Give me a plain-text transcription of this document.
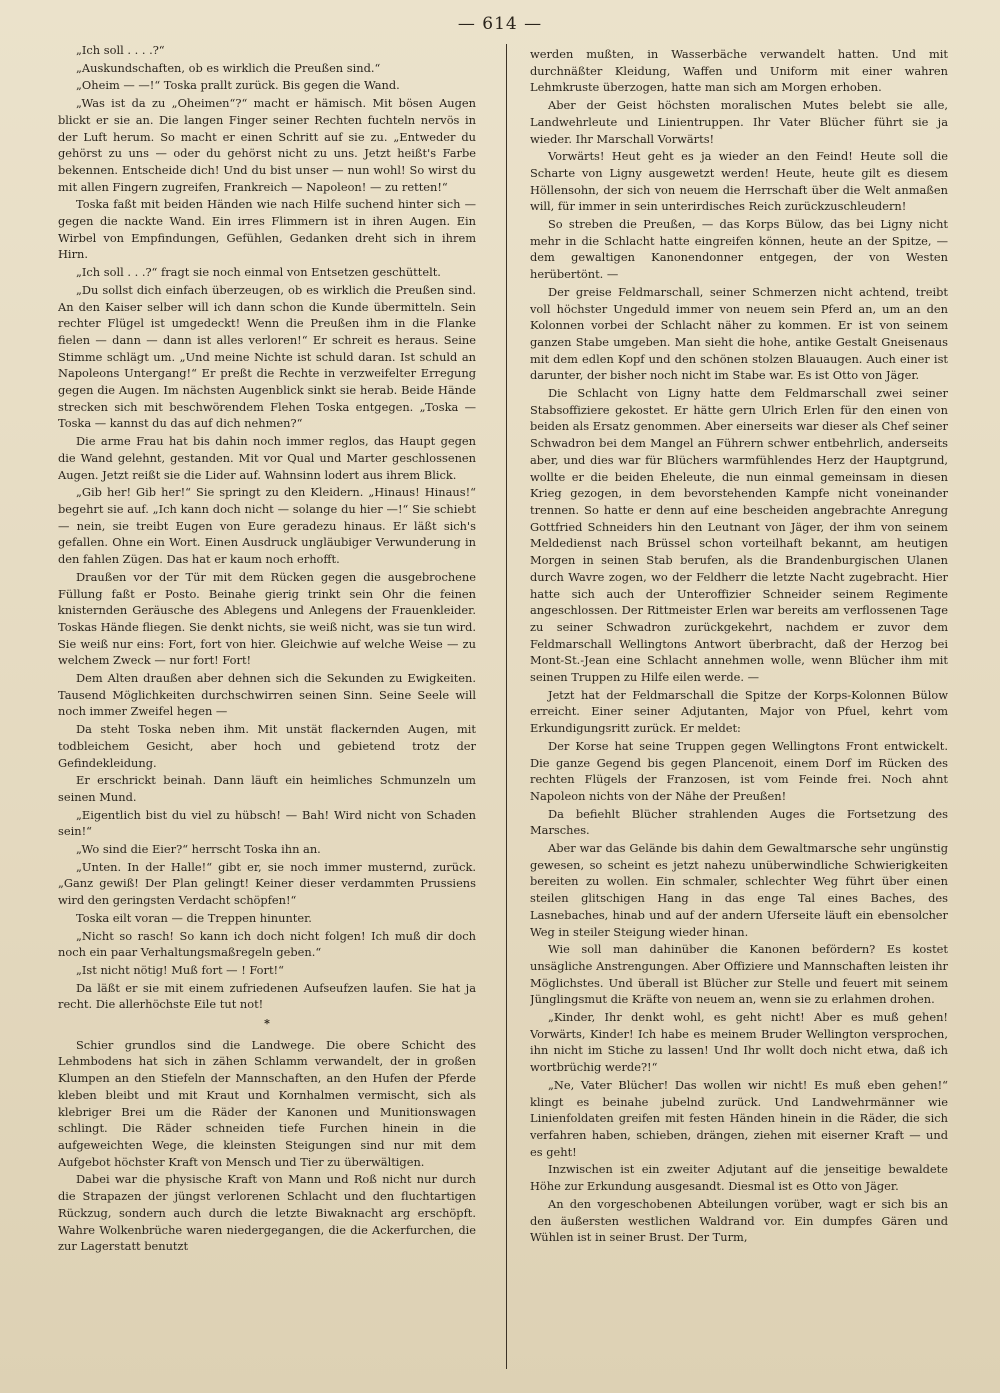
— 614 —

„Ich soll . . . .?“

„Auskundschaften, ob es wirklich die Preußen sind.“

„Oheim — —!“ Toska prallt zurück. Bis gegen die Wand.

„Was ist da zu „Oheimen“?“ macht er hämisch. Mit bösen Augen blickt er sie an. Die langen Finger seiner Rechten fuchteln nervös in der Luft herum. So macht er einen Schritt auf sie zu. „Entweder du gehörst zu uns — oder du gehörst nicht zu uns. Jetzt heißt's Farbe bekennen. Entscheide dich! Und du bist unser — nun wohl! So wirst du mit allen Fingern zugreifen, Frankreich — Napoleon! — zu retten!“

Toska faßt mit beiden Händen wie nach Hilfe suchend hinter sich — gegen die nackte Wand. Ein irres Flimmern ist in ihren Augen. Ein Wirbel von Empfindungen, Gefühlen, Gedanken dreht sich in ihrem Hirn.

„Ich soll . . .?“ fragt sie noch einmal von Entsetzen geschüttelt.

„Du sollst dich einfach überzeugen, ob es wirklich die Preußen sind. An den Kaiser selber will ich dann schon die Kunde übermitteln. Sein rechter Flügel ist umgedeckt! Wenn die Preußen ihm in die Flanke fielen — dann — dann ist alles verloren!“ Er schreit es heraus. Seine Stimme schlägt um. „Und meine Nichte ist schuld daran. Ist schuld an Napoleons Untergang!“ Er preßt die Rechte in verzweifelter Erregung gegen die Augen. Im nächsten Augenblick sinkt sie herab. Beide Hände strecken sich mit beschwörendem Flehen Toska entgegen. „Toska — Toska — kannst du das auf dich nehmen?“

Die arme Frau hat bis dahin noch immer reglos, das Haupt gegen die Wand gelehnt, gestanden. Mit vor Qual und Marter geschlossenen Augen. Jetzt reißt sie die Lider auf. Wahnsinn lodert aus ihrem Blick.

„Gib her! Gib her!“ Sie springt zu den Kleidern. „Hinaus! Hinaus!“ begehrt sie auf. „Ich kann doch nicht — solange du hier —!“ Sie schiebt — nein, sie treibt Eugen von Eure geradezu hinaus. Er läßt sich's gefallen. Ohne ein Wort. Einen Ausdruck ungläubiger Verwunderung in den fahlen Zügen. Das hat er kaum noch erhofft.

Draußen vor der Tür mit dem Rücken gegen die ausgebrochene Füllung faßt er Posto. Beinahe gierig trinkt sein Ohr die feinen knisternden Geräusche des Ablegens und Anlegens der Frauenkleider. Toskas Hände fliegen. Sie denkt nichts, sie weiß nicht, was sie tun wird. Sie weiß nur eins: Fort, fort von hier. Gleichwie auf welche Weise — zu welchem Zweck — nur fort! Fort!

Dem Alten draußen aber dehnen sich die Sekunden zu Ewigkeiten. Tausend Möglichkeiten durchschwirren seinen Sinn. Seine Seele will noch immer Zweifel hegen —

Da steht Toska neben ihm. Mit unstät flackernden Augen, mit todbleichem Gesicht, aber hoch und gebietend trotz der Gefindekleidung.

Er erschrickt beinah. Dann läuft ein heimliches Schmunzeln um seinen Mund.

„Eigentlich bist du viel zu hübsch! — Bah! Wird nicht von Schaden sein!“

„Wo sind die Eier?“ herrscht Toska ihn an.

„Unten. In der Halle!“ gibt er, sie noch immer musternd, zurück. „Ganz gewiß! Der Plan gelingt! Keiner dieser verdammten Prussiens wird den geringsten Verdacht schöpfen!“

Toska eilt voran — die Treppen hinunter.

„Nicht so rasch! So kann ich doch nicht folgen! Ich muß dir doch noch ein paar Verhaltungsmaßregeln geben.“

„Ist nicht nötig! Muß fort — ! Fort!“

Da läßt er sie mit einem zufriedenen Aufseufzen laufen. Sie hat ja recht. Die allerhöchste Eile tut not!

*

Schier grundlos sind die Landwege. Die obere Schicht des Lehmbodens hat sich in zähen Schlamm verwandelt, der in großen Klumpen an den Stiefeln der Mannschaften, an den Hufen der Pferde kleben bleibt und mit Kraut und Kornhalmen vermischt, sich als klebriger Brei um die Räder der Kanonen und Munitionswagen schlingt. Die Räder schneiden tiefe Furchen hinein in die aufgeweichten Wege, die kleinsten Steigungen sind nur mit dem Aufgebot höchster Kraft von Mensch und Tier zu überwältigen.

Dabei war die physische Kraft von Mann und Roß nicht nur durch die Strapazen der jüngst verlorenen Schlacht und den fluchtartigen Rückzug, sondern auch durch die letzte Biwaknacht arg erschöpft. Wahre Wolkenbrüche waren niedergegangen, die die Ackerfurchen, die zur Lagerstatt benutzt

werden mußten, in Wasserbäche verwandelt hatten. Und mit durchnäßter Kleidung, Waffen und Uniform mit einer wahren Lehmkruste überzogen, hatte man sich am Morgen erhoben.

Aber der Geist höchsten moralischen Mutes belebt sie alle, Landwehrleute und Linientruppen. Ihr Vater Blücher führt sie ja wieder. Ihr Marschall Vorwärts!

Vorwärts! Heut geht es ja wieder an den Feind! Heute soll die Scharte von Ligny ausgewetzt werden! Heute, heute gilt es diesem Höllensohn, der sich von neuem die Herrschaft über die Welt anmaßen will, für immer in sein unterirdisches Reich zurückzuschleudern!

So streben die Preußen, — das Korps Bülow, das bei Ligny nicht mehr in die Schlacht hatte eingreifen können, heute an der Spitze, — dem gewaltigen Kanonendonner entgegen, der von Westen herübertönt. —

Der greise Feldmarschall, seiner Schmerzen nicht achtend, treibt voll höchster Ungeduld immer von neuem sein Pferd an, um an den Kolonnen vorbei der Schlacht näher zu kommen. Er ist von seinem ganzen Stabe umgeben. Man sieht die hohe, antike Gestalt Gneisenaus mit dem edlen Kopf und den schönen stolzen Blauaugen. Auch einer ist darunter, der bisher noch nicht im Stabe war. Es ist Otto von Jäger.

Die Schlacht von Ligny hatte dem Feldmarschall zwei seiner Stabsoffiziere gekostet. Er hätte gern Ulrich Erlen für den einen von beiden als Ersatz genommen. Aber einerseits war dieser als Chef seiner Schwadron bei dem Mangel an Führern schwer entbehrlich, anderseits aber, und dies war für Blüchers warmfühlendes Herz der Hauptgrund, wollte er die beiden Eheleute, die nun einmal gemeinsam in diesen Krieg gezogen, in dem bevorstehenden Kampfe nicht voneinander trennen. So hatte er denn auf eine bescheiden angebrachte Anregung Gottfried Schneiders hin den Leutnant von Jäger, der ihm von seinem Meldedienst nach Brüssel schon vorteilhaft bekannt, am heutigen Morgen in seinen Stab berufen, als die Brandenburgischen Ulanen durch Wavre zogen, wo der Feldherr die letzte Nacht zugebracht. Hier hatte sich auch der Unteroffizier Schneider seinem Regimente angeschlossen. Der Rittmeister Erlen war bereits am verflossenen Tage zu seiner Schwadron zurückgekehrt, nachdem er zuvor dem Feldmarschall Wellingtons Antwort überbracht, daß der Herzog bei Mont-St.-Jean eine Schlacht annehmen wolle, wenn Blücher ihm mit seinen Truppen zu Hilfe eilen werde. —

Jetzt hat der Feldmarschall die Spitze der Korps-Kolonnen Bülow erreicht. Einer seiner Adjutanten, Major von Pfuel, kehrt vom Erkundigungsritt zurück. Er meldet:

Der Korse hat seine Truppen gegen Wellingtons Front entwickelt. Die ganze Gegend bis gegen Plancenoit, einem Dorf im Rücken des rechten Flügels der Franzosen, ist vom Feinde frei. Noch ahnt Napoleon nichts von der Nähe der Preußen!

Da befiehlt Blücher strahlenden Auges die Fortsetzung des Marsches.

Aber war das Gelände bis dahin dem Gewaltmarsche sehr ungünstig gewesen, so scheint es jetzt nahezu unüberwindliche Schwierigkeiten bereiten zu wollen. Ein schmaler, schlechter Weg führt über einen steilen glitschigen Hang in das enge Tal eines Baches, des Lasnebaches, hinab und auf der andern Uferseite läuft ein ebensolcher Weg in steiler Steigung wieder hinan.

Wie soll man dahinüber die Kanonen befördern? Es kostet unsägliche Anstrengungen. Aber Offiziere und Mannschaften leisten ihr Möglichstes. Und überall ist Blücher zur Stelle und feuert mit seinem Jünglingsmut die Kräfte von neuem an, wenn sie zu erlahmen drohen.

„Kinder, Ihr denkt wohl, es geht nicht! Aber es muß gehen! Vorwärts, Kinder! Ich habe es meinem Bruder Wellington versprochen, ihn nicht im Stiche zu lassen! Und Ihr wollt doch nicht etwa, daß ich wortbrüchig werde?!“

„Ne, Vater Blücher! Das wollen wir nicht! Es muß eben gehen!“ klingt es beinahe jubelnd zurück. Und Landwehrmänner wie Linienfoldaten greifen mit festen Händen hinein in die Räder, die sich verfahren haben, schieben, drängen, ziehen mit eiserner Kraft — und es geht!

Inzwischen ist ein zweiter Adjutant auf die jenseitige bewaldete Höhe zur Erkundung ausgesandt. Diesmal ist es Otto von Jäger.

An den vorgeschobenen Abteilungen vorüber, wagt er sich bis an den äußersten westlichen Waldrand vor. Ein dumpfes Gären und Wühlen ist in seiner Brust. Der Turm,
